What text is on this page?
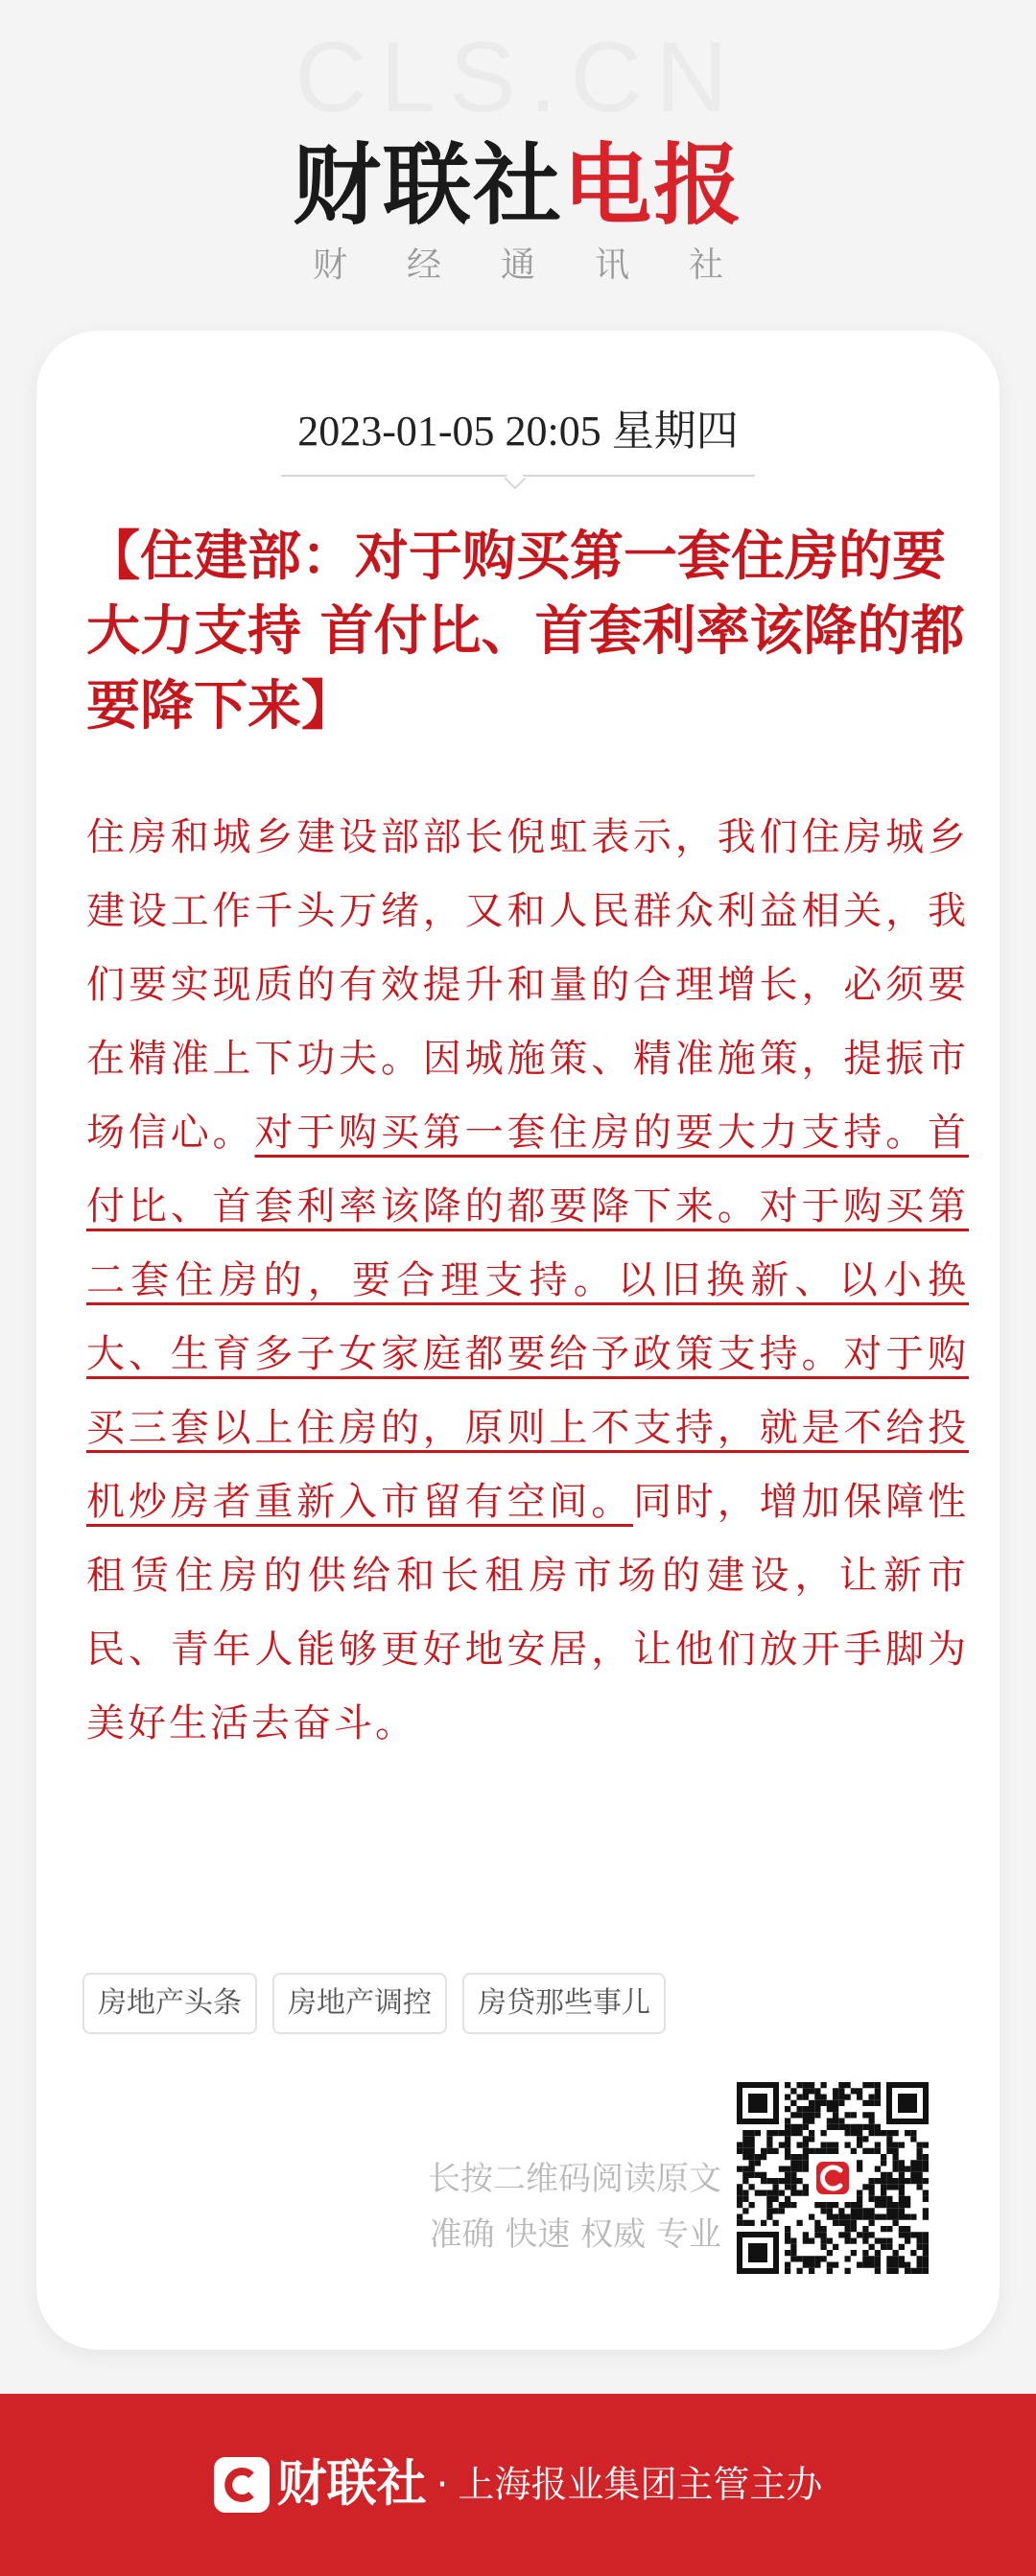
CLS.CN
财联社电报
财经通讯社
2023-01-05 20:05 星期四
【住建部：对于购买第一套住房的要大力支持 首付比、首套利率该降的都要降下来】

住房和城乡建设部部长倪虹表示，我们住房城乡建设工作千头万绪，又和人民群众利益相关，我们要实现质的有效提升和量的合理增长，必须要在精准上下功夫。因城施策、精准施策，提振市场信心。对于购买第一套住房的要大力支持。首付比、首套利率该降的都要降下来。对于购买第二套住房的，要合理支持。以旧换新、以小换大、生育多子女家庭都要给予政策支持。对于购买三套以上住房的，原则上不支持，就是不给投机炒房者重新入市留有空间。同时，增加保障性租赁住房的供给和长租房市场的建设，让新市民、青年人能够更好地安居，让他们放开手脚为美好生活去奋斗。

房地产头条	房地产调控	房贷那些事儿
长按二维码阅读原文
准确 快速 权威 专业
财联社 · 上海报业集团主管主办
